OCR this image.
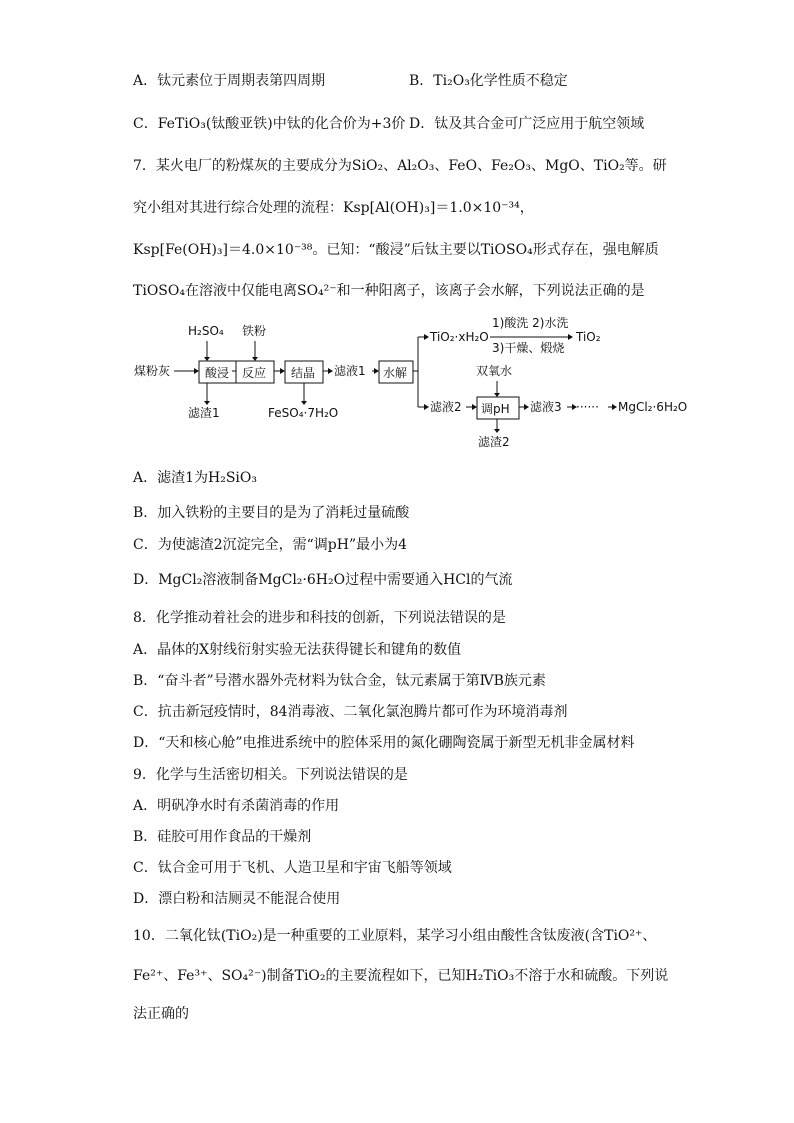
A．钛元素位于周期表第四周期	B．Ti₂O₃化学性质不稳定
C．FeTiO₃(钛酸亚铁)中钛的化合价为+3价 D．钛及其合金可广泛应用于航空领域
7．某火电厂的粉煤灰的主要成分为SiO₂、Al₂O₃、FeO、Fe₂O₃、MgO、TiO₂等。研
究小组对其进行综合处理的流程：Ksp[Al(OH)₃]＝1.0×10⁻³⁴，
Ksp[Fe(OH)₃]＝4.0×10⁻³⁸。已知：“酸浸”后钛主要以TiOSO₄形式存在，强电解质
TiOSO₄在溶液中仅能电离SO₄²⁻和一种阳离子，该离子会水解，下列说法正确的是
煤粉灰
H₂SO₄
酸浸
滤渣1
铁粉
反应 结晶
FeSO₄·7H₂O
滤液1 水解
TiO₂·xH₂O
1)酸洗 2)水洗
3)干燥、煅烧
TiO₂
滤液2
双氧水
调pH
滤渣2
滤液3 ······ MgCl₂·6H₂O
A．滤渣1为H₂SiO₃
B．加入铁粉的主要目的是为了消耗过量硫酸
C．为使滤渣2沉淀完全，需“调pH”最小为4
D．MgCl₂溶液制备MgCl₂·6H₂O过程中需要通入HCl的气流
8．化学推动着社会的进步和科技的创新，下列说法错误的是
A．晶体的X射线衍射实验无法获得键长和键角的数值
B．“奋斗者”号潜水器外壳材料为钛合金，钛元素属于第ⅣB族元素
C．抗击新冠疫情时，84消毒液、二氧化氯泡腾片都可作为环境消毒剂
D．“天和核心舱”电推进系统中的腔体采用的氮化硼陶瓷属于新型无机非金属材料
9．化学与生活密切相关。下列说法错误的是
A．明矾净水时有杀菌消毒的作用
B．硅胶可用作食品的干燥剂
C．钛合金可用于飞机、人造卫星和宇宙飞船等领域
D．漂白粉和洁厕灵不能混合使用
10．二氧化钛(TiO₂)是一种重要的工业原料，某学习小组由酸性含钛废液(含TiO²⁺、
Fe²⁺、Fe³⁺、SO₄²⁻)制备TiO₂的主要流程如下，已知H₂TiO₃不溶于水和硫酸。下列说
法正确的
